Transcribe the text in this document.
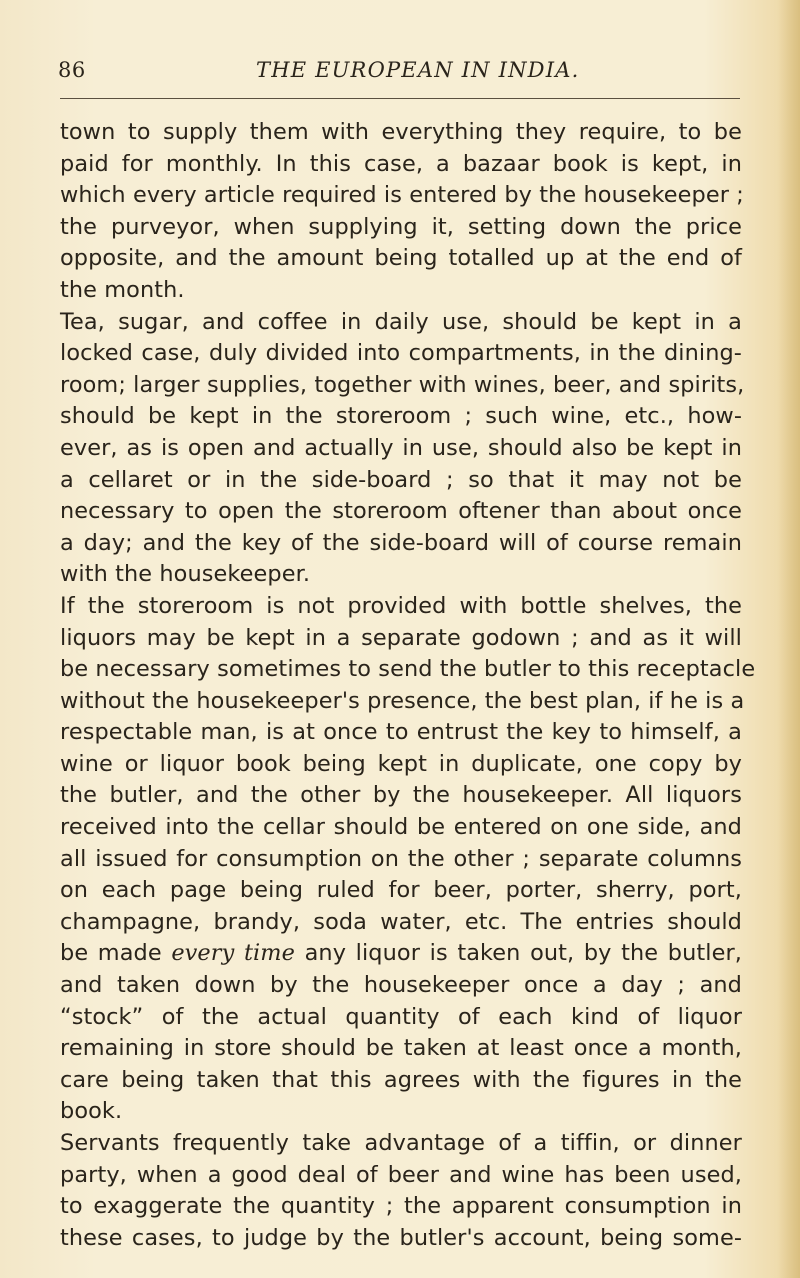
86	THE EUROPEAN IN INDIA.
town to supply them with everything they require, to be
paid for monthly. In this case, a bazaar book is kept, in
which every article required is entered by the housekeeper ;
the purveyor, when supplying it, setting down the price
opposite, and the amount being totalled up at the end of
the month.
Tea, sugar, and coffee in daily use, should be kept in a
locked case, duly divided into compartments, in the dining-
room; larger supplies, together with wines, beer, and spirits,
should be kept in the storeroom ; such wine, etc., how-
ever, as is open and actually in use, should also be kept in
a cellaret or in the side-board ; so that it may not be
necessary to open the storeroom oftener than about once
a day; and the key of the side-board will of course remain
with the housekeeper.
If the storeroom is not provided with bottle shelves, the
liquors may be kept in a separate godown ; and as it will
be necessary sometimes to send the butler to this receptacle
without the housekeeper's presence, the best plan, if he is a
respectable man, is at once to entrust the key to himself, a
wine or liquor book being kept in duplicate, one copy by
the butler, and the other by the housekeeper. All liquors
received into the cellar should be entered on one side, and
all issued for consumption on the other ; separate columns
on each page being ruled for beer, porter, sherry, port,
champagne, brandy, soda water, etc. The entries should
be made every time any liquor is taken out, by the butler,
and taken down by the housekeeper once a day ; and
“stock” of the actual quantity of each kind of liquor
remaining in store should be taken at least once a month,
care being taken that this agrees with the figures in the
book.
Servants frequently take advantage of a tiffin, or dinner
party, when a good deal of beer and wine has been used,
to exaggerate the quantity ; the apparent consumption in
these cases, to judge by the butler's account, being some-
